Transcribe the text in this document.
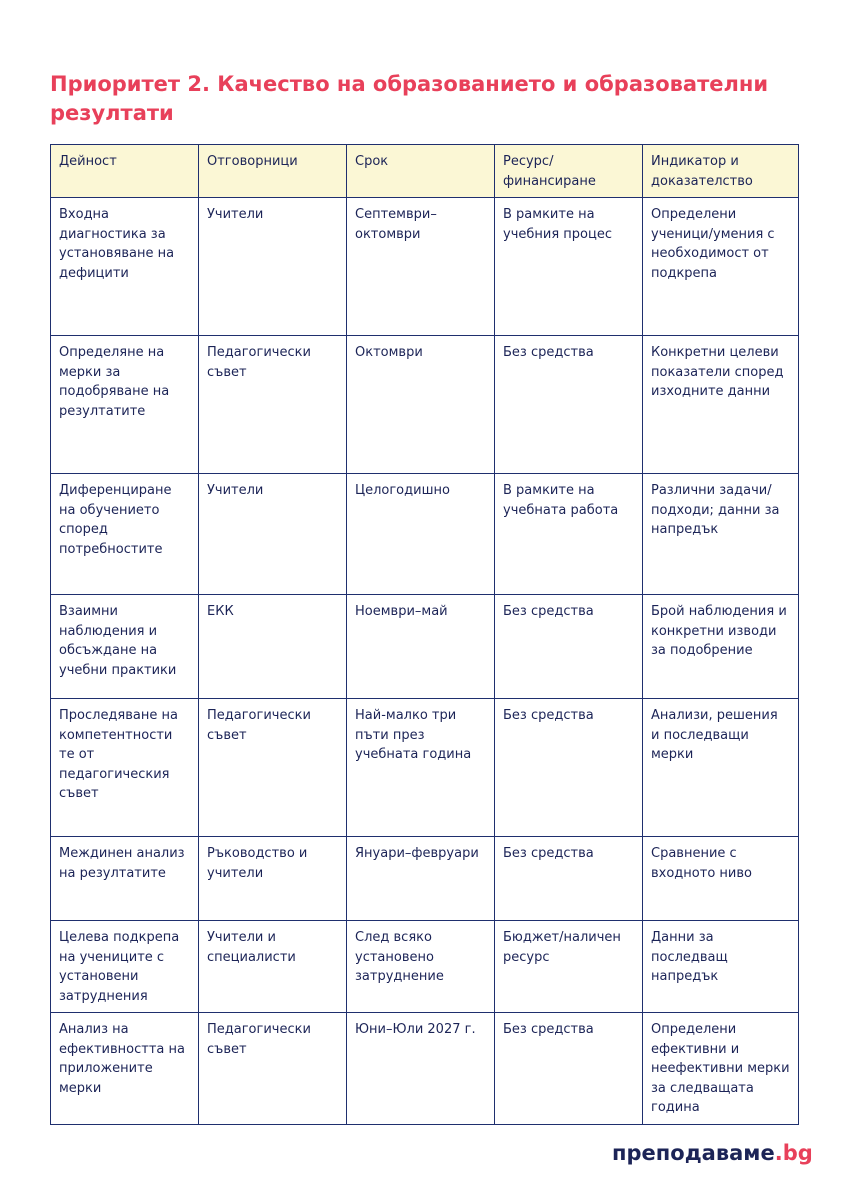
Приоритет 2. Качество на образованието и образователни резултати
Дейност	Отговорници	Срок	Ресурс/ финансиране	Индикатор и доказателство
Входна диагностика за установяване на дефицити	Учители	Септември–октомври	В рамките на учебния процес	Определени ученици/умения с необходимост от подкрепа
Определяне на мерки за подобряване на резултатите	Педагогически съвет	Октомври	Без средства	Конкретни целеви показатели според изходните данни
Диференциране на обучението според потребностите	Учители	Целогодишно	В рамките на учебната работа	Различни задачи/ подходи; данни за напредък
Взаимни наблюдения и обсъждане на учебни практики	ЕКК	Ноември–май	Без средства	Брой наблюдения и конкретни изводи за подобрение
Проследяване на компетентности те от педагогическия съвет	Педагогически съвет	Най-малко три пъти през учебната година	Без средства	Анализи, решения и последващи мерки
Междинен анализ на резултатите	Ръководство и учители	Януари–февруари	Без средства	Сравнение с входното ниво
Целева подкрепа на учениците с установени затруднения	Учители и специалисти	След всяко установено затруднение	Бюджет/наличен ресурс	Данни за последващ напредък
Анализ на ефективността на приложените мерки	Педагогически съвет	Юни–Юли 2027 г.	Без средства	Определени ефективни и неефективни мерки за следващата година
преподаваме.bg
